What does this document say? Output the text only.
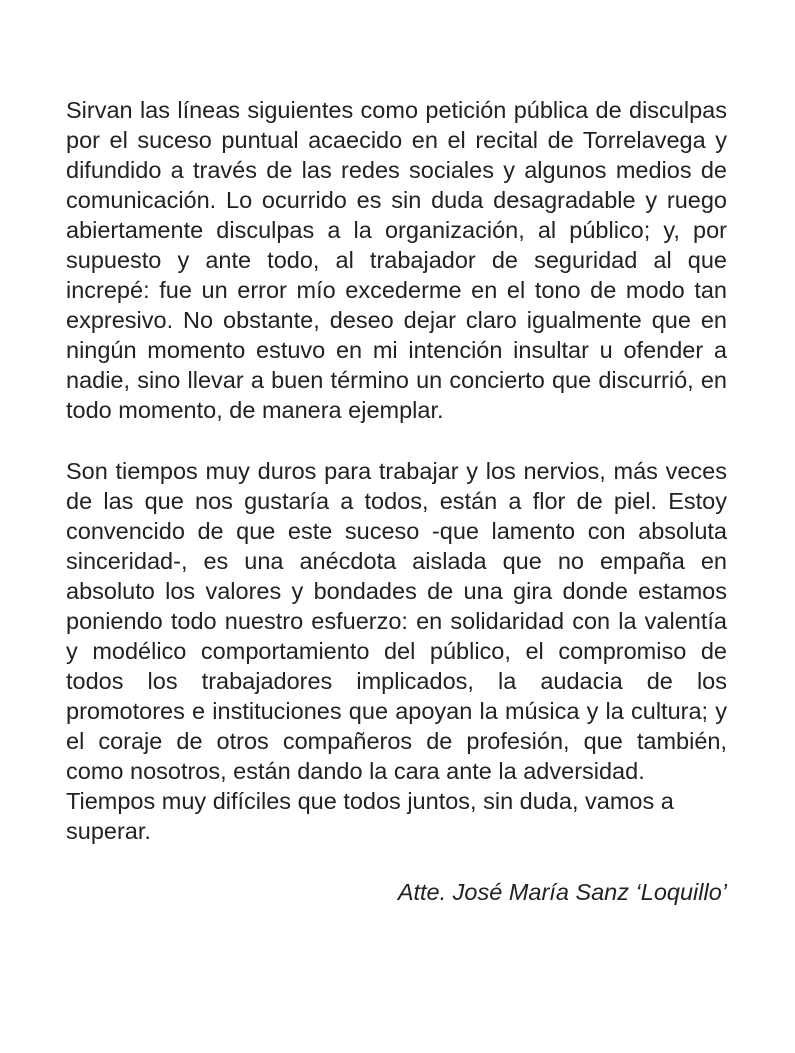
Sirvan las líneas siguientes como petición pública de disculpas por el suceso puntual acaecido en el recital de Torrelavega y difundido a través de las redes sociales y algunos medios de comunicación. Lo ocurrido es sin duda desagradable y ruego abiertamente disculpas a la organización, al público; y, por supuesto y ante todo, al trabajador de seguridad al que increpé: fue un error mío excederme en el tono de modo tan expresivo. No obstante, deseo dejar claro igualmente que en ningún momento estuvo en mi intención insultar u ofender a nadie, sino llevar a buen término un concierto que discurrió, en todo momento, de manera ejemplar.

Son tiempos muy duros para trabajar y los nervios, más veces de las que nos gustaría a todos, están a flor de piel. Estoy convencido de que este suceso -que lamento con absoluta sinceridad-, es una anécdota aislada que no empaña en absoluto los valores y bondades de una gira donde estamos poniendo todo nuestro esfuerzo: en solidaridad con la valentía y modélico comportamiento del público, el compromiso de todos los trabajadores implicados, la audacia de los promotores e instituciones que apoyan la música y la cultura; y el coraje de otros compañeros de profesión, que también, como nosotros, están dando la cara ante la adversidad.

Tiempos muy difíciles que todos juntos, sin duda, vamos a superar.

Atte. José María Sanz ‘Loquillo’
